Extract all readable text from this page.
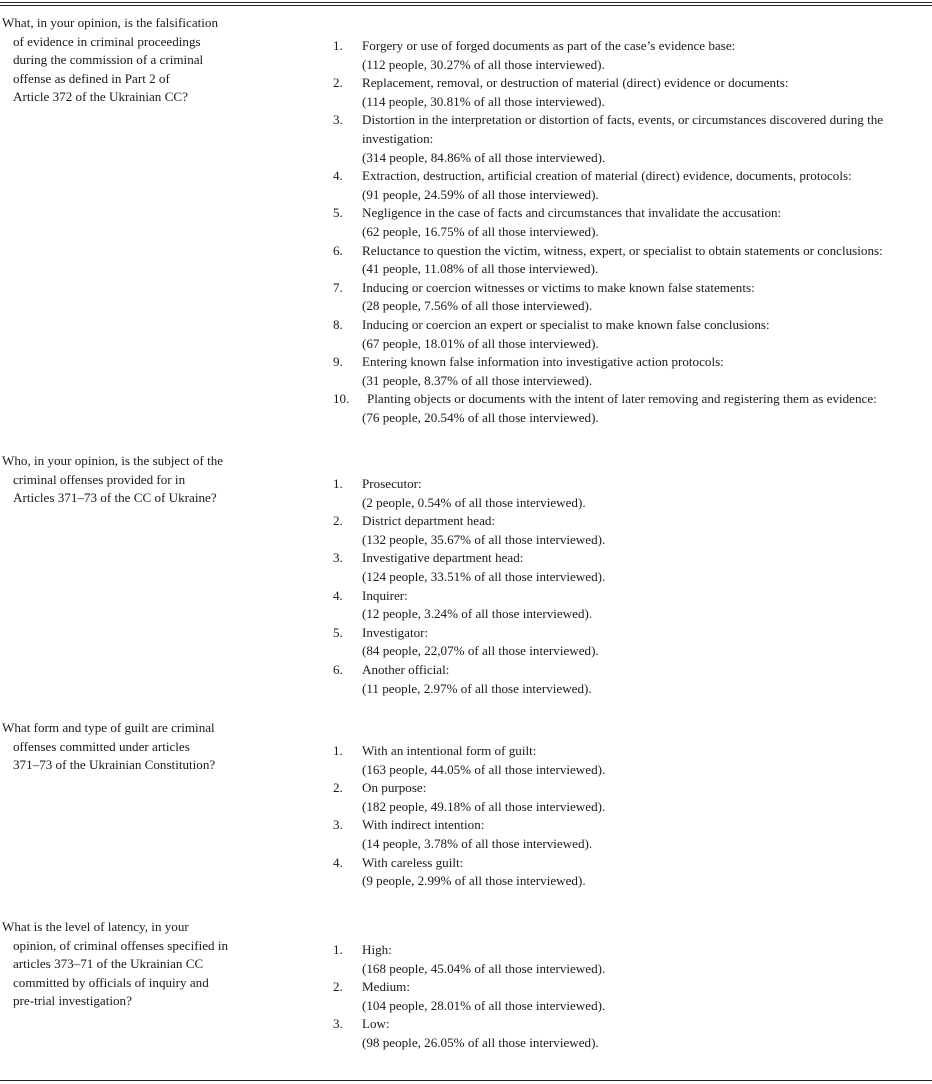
What, in your opinion, is the falsification
of evidence in criminal proceedings
during the commission of a criminal
offense as defined in Part 2 of
Article 372 of the Ukrainian CC?
1.	Forgery or use of forged documents as part of the case’s evidence base:
(112 people, 30.27% of all those interviewed).
2.	Replacement, removal, or destruction of material (direct) evidence or documents:
(114 people, 30.81% of all those interviewed).
3.	Distortion in the interpretation or distortion of facts, events, or circumstances discovered during the
investigation:
(314 people, 84.86% of all those interviewed).
4.	Extraction, destruction, artificial creation of material (direct) evidence, documents, protocols:
(91 people, 24.59% of all those interviewed).
5.	Negligence in the case of facts and circumstances that invalidate the accusation:
(62 people, 16.75% of all those interviewed).
6.	Reluctance to question the victim, witness, expert, or specialist to obtain statements or conclusions:
(41 people, 11.08% of all those interviewed).
7.	Inducing or coercion witnesses or victims to make known false statements:
(28 people, 7.56% of all those interviewed).
8.	Inducing or coercion an expert or specialist to make known false conclusions:
(67 people, 18.01% of all those interviewed).
9.	Entering known false information into investigative action protocols:
(31 people, 8.37% of all those interviewed).
10.	Planting objects or documents with the intent of later removing and registering them as evidence:
(76 people, 20.54% of all those interviewed).
Who, in your opinion, is the subject of the
criminal offenses provided for in
Articles 371–73 of the CC of Ukraine?
1.	Prosecutor:
(2 people, 0.54% of all those interviewed).
2.	District department head:
(132 people, 35.67% of all those interviewed).
3.	Investigative department head:
(124 people, 33.51% of all those interviewed).
4.	Inquirer:
(12 people, 3.24% of all those interviewed).
5.	Investigator:
(84 people, 22,07% of all those interviewed).
6.	Another official:
(11 people, 2.97% of all those interviewed).
What form and type of guilt are criminal
offenses committed under articles
371–73 of the Ukrainian Constitution?
1.	With an intentional form of guilt:
(163 people, 44.05% of all those interviewed).
2.	On purpose:
(182 people, 49.18% of all those interviewed).
3.	With indirect intention:
(14 people, 3.78% of all those interviewed).
4.	With careless guilt:
(9 people, 2.99% of all those interviewed).
What is the level of latency, in your
opinion, of criminal offenses specified in
articles 373–71 of the Ukrainian CC
committed by officials of inquiry and
pre-trial investigation?
1.	High:
(168 people, 45.04% of all those interviewed).
2.	Medium:
(104 people, 28.01% of all those interviewed).
3.	Low:
(98 people, 26.05% of all those interviewed).
